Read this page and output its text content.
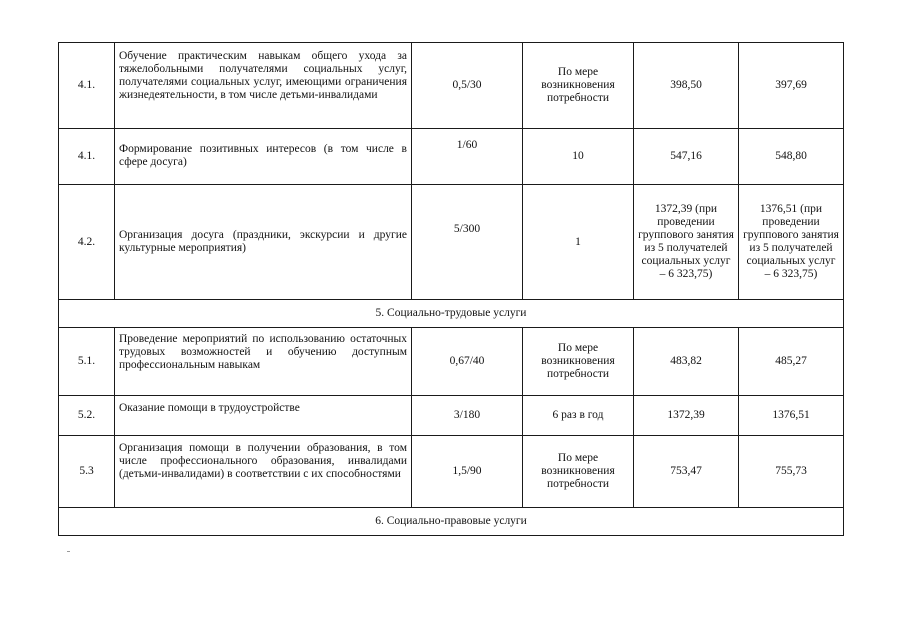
4.1.	Обучение практическим навыкам общего ухода за тяжелобольными получателями социальных услуг, получателями социальных услуг, имеющими ограничения жизнедеятельности, в том числе детьми-инвалидами	0,5/30	По мере возникновения потребности	398,50	397,69
4.1.	Формирование позитивных интересов (в том числе в сфере досуга)	1/60	10	547,16	548,80
4.2.	Организация досуга (праздники, экскурсии и другие культурные мероприятия)	5/300	1	1372,39 (при проведении группового занятия из 5 получателей социальных услуг – 6 323,75)	1376,51 (при проведении группового занятия из 5 получателей социальных услуг – 6 323,75)
5. Социально-трудовые услуги					
5.1.	Проведение мероприятий по использованию остаточных трудовых возможностей и обучению доступным профессиональным навыкам	0,67/40	По мере возникновения потребности	483,82	485,27
5.2.	Оказание помощи в трудоустройстве	3/180	6 раз в год	1372,39	1376,51
5.3	Организация помощи в получении образования, в том числе профессионального образования, инвалидами (детьми-инвалидами) в соответствии с их способностями	1,5/90	По мере возникновения потребности	753,47	755,73
6. Социально-правовые услуги					
